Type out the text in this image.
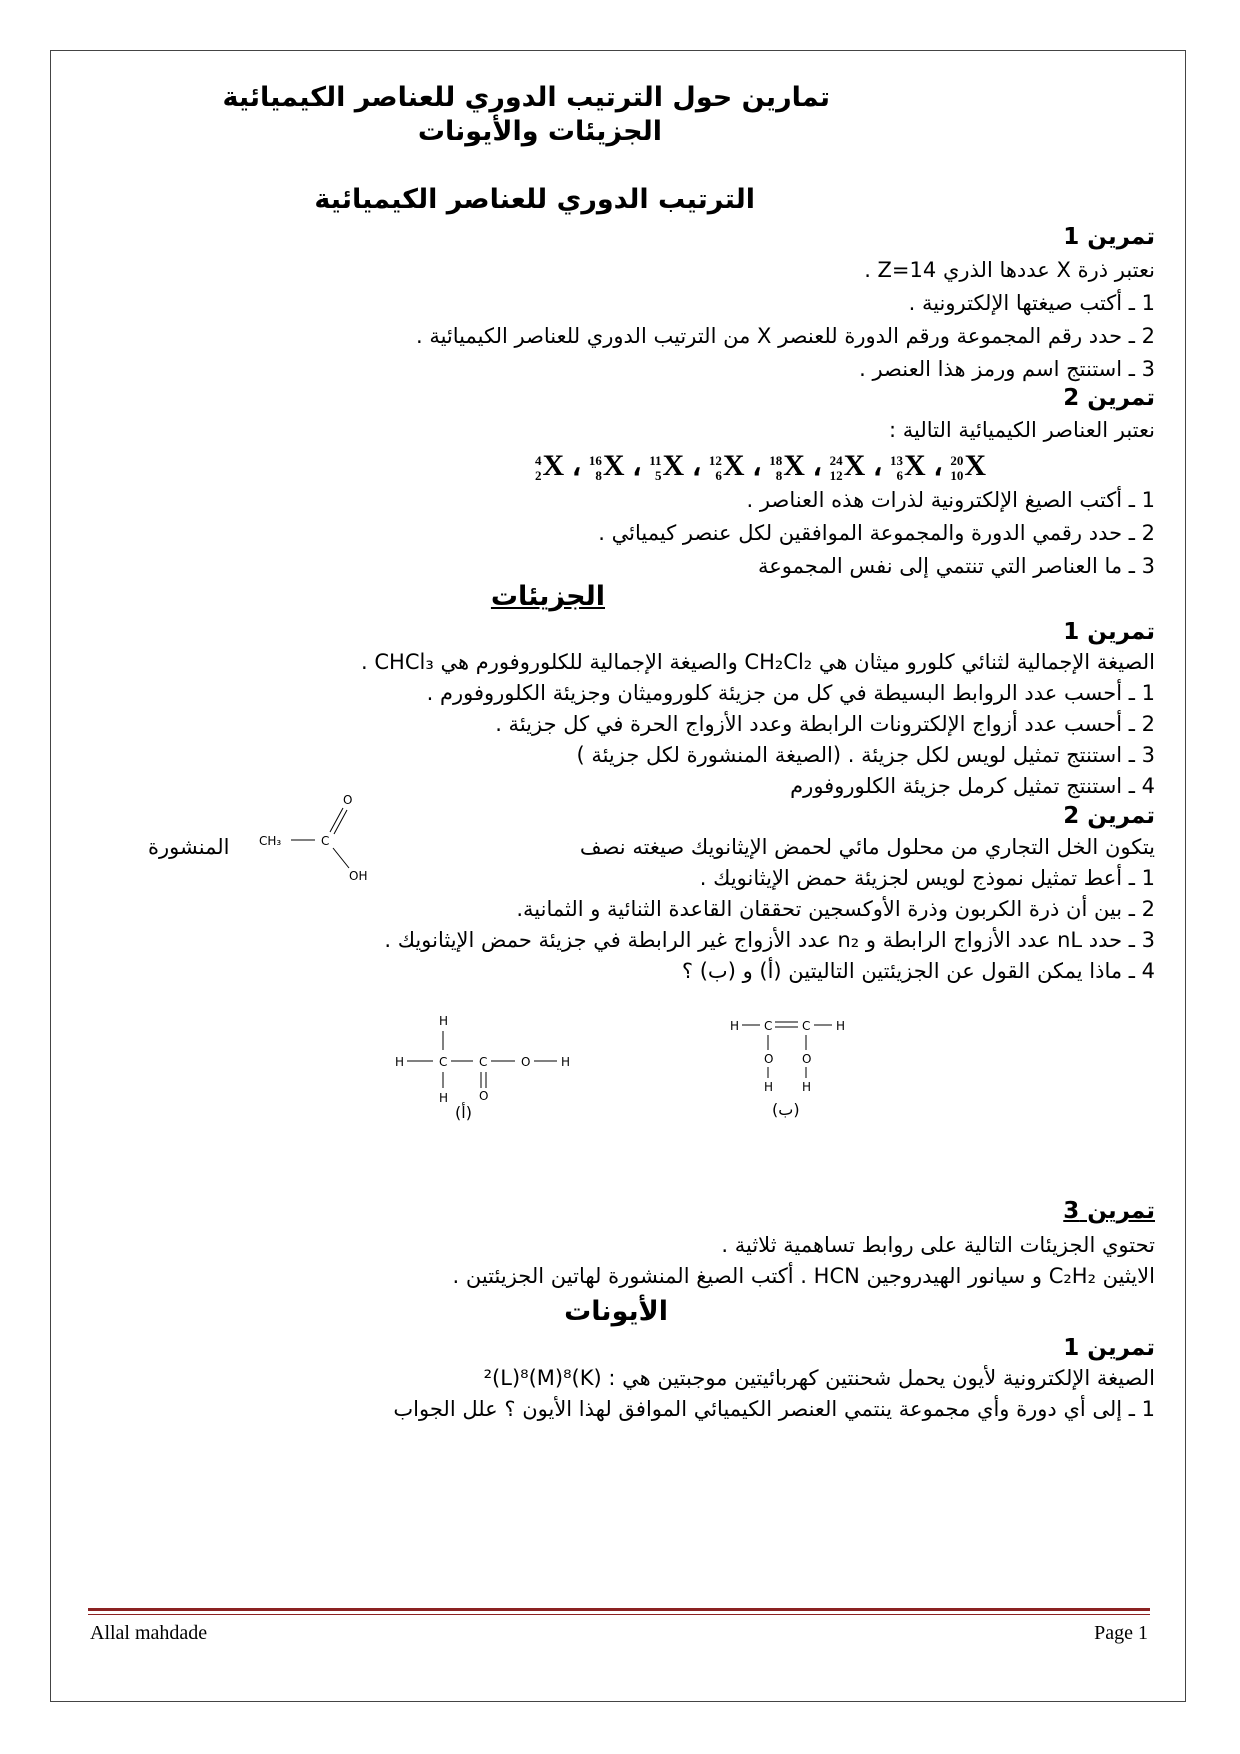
تمارين حول الترتيب الدوري للعناصر الكيميائية
الجزيئات والأيونات
الترتيب الدوري للعناصر الكيميائية
تمرين 1
نعتبر ذرة X عددها الذري Z=14 .
1 ـ أكتب صيغتها الإلكترونية .
2 ـ حدد رقم المجموعة ورقم الدورة للعنصر X من الترتيب الدوري للعناصر الكيميائية .
3 ـ استنتج اسم ورمز هذا العنصر .
تمرين 2
نعتبر العناصر الكيميائية التالية :
4
2 X ، 16
8 X ، 11
5 X ، 12
6 X ، 18
8 X ، 24
12 X ، 13
6 X ، 20
10 X
1 ـ أكتب الصيغ الإلكترونية لذرات هذه العناصر .
2 ـ حدد رقمي الدورة والمجموعة الموافقين لكل عنصر كيميائي .
3 ـ ما العناصر التي تنتمي إلى نفس المجموعة
الجزيئات
تمرين 1
الصيغة الإجمالية لثنائي كلورو ميثان هي CH₂Cl₂ والصيغة الإجمالية للكلوروفورم هي CHCl₃ .
1 ـ أحسب عدد الروابط البسيطة في كل من جزيئة كلوروميثان وجزيئة الكلوروفورم .
2 ـ أحسب عدد أزواج الإلكترونات الرابطة وعدد الأزواج الحرة في كل جزيئة .
3 ـ استنتج تمثيل لويس لكل جزيئة . (الصيغة المنشورة لكل جزيئة )
4 ـ استنتج تمثيل كرمل جزيئة الكلوروفورم
تمرين 2
يتكون الخل التجاري من محلول مائي لحمض الإيثانويك صيغته نصف
المنشورة CH₃	C
O
OH	1 ـ أعط تمثيل نموذج لويس لجزيئة حمض الإيثانويك .
2 ـ بين أن ذرة الكربون وذرة الأوكسجين تحققان القاعدة الثنائية و الثمانية.
3 ـ حدد nL عدد الأزواج الرابطة و n₂ عدد الأزواج غير الرابطة في جزيئة حمض الإيثانويك .
4 ـ ماذا يمكن القول عن الجزيئتين التاليتين (أ) و (ب) ؟
H
H	C	C	O	H
H	O
(أ)
H C C H
O
H
O
H
(ب)
تمرين 3
تحتوي الجزيئات التالية على روابط تساهمية ثلاثية .
الايثين C₂H₂ و سيانور الهيدروجين HCN . أكتب الصيغ المنشورة لهاتين الجزيئتين .
الأيونات
تمرين 1
الصيغة الإلكترونية لأيون يحمل شحنتين كهربائيتين موجبتين هي : (K)²(L)⁸(M)⁸
1 ـ إلى أي دورة وأي مجموعة ينتمي العنصر الكيميائي الموافق لهذا الأيون ؟ علل الجواب
Allal mahdade	Page 1
